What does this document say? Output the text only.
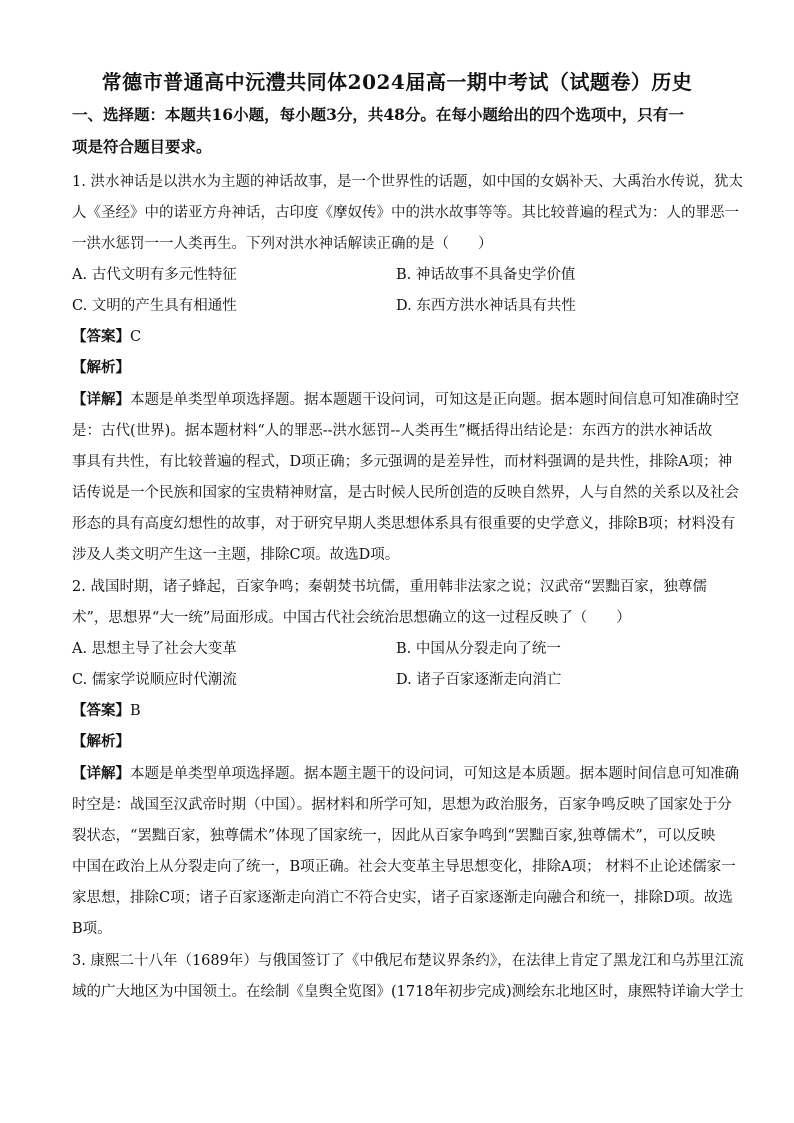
常德市普通高中沅澧共同体2024届高一期中考试（试题卷）历史
一、选择题：本题共16小题，每小题3分，共48分。在每小题给出的四个选项中，只有一
项是符合题目要求。
1. 洪水神话是以洪水为主题的神话故事，是一个世界性的话题，如中国的女娲补天、大禹治水传说，犹太
人《圣经》中的诺亚方舟神话，古印度《摩奴传》中的洪水故事等等。其比较普遍的程式为：人的罪恶一
一洪水惩罚一一人类再生。下列对洪水神话解读正确的是（　　）
A. 古代文明有多元性特征	B. 神话故事不具备史学价值
C. 文明的产生具有相通性	D. 东西方洪水神话具有共性
【答案】C
【解析】
【详解】本题是单类型单项选择题。据本题题干设问词，可知这是正向题。据本题时间信息可知准确时空
是：古代(世界)。据本题材料“人的罪恶--洪水惩罚--人类再生”概括得出结论是：东西方的洪水神话故
事具有共性，有比较普遍的程式，D项正确；多元强调的是差异性，而材料强调的是共性，排除A项；神
话传说是一个民族和国家的宝贵精神财富，是古时候人民所创造的反映自然界，人与自然的关系以及社会
形态的具有高度幻想性的故事，对于研究早期人类思想体系具有很重要的史学意义，排除B项；材料没有
涉及人类文明产生这一主题，排除C项。故选D项。
2. 战国时期，诸子蜂起，百家争鸣；秦朝焚书坑儒，重用韩非法家之说；汉武帝“罢黜百家，独尊儒
术”，思想界“大一统”局面形成。中国古代社会统治思想确立的这一过程反映了（　　）
A. 思想主导了社会大变革	B. 中国从分裂走向了统一
C. 儒家学说顺应时代潮流	D. 诸子百家逐渐走向消亡
【答案】B
【解析】
【详解】本题是单类型单项选择题。据本题主题干的设问词，可知这是本质题。据本题时间信息可知准确
时空是：战国至汉武帝时期（中国）。据材料和所学可知，思想为政治服务，百家争鸣反映了国家处于分
裂状态，“罢黜百家，独尊儒术”体现了国家统一，因此从百家争鸣到“罢黜百家,独尊儒术”，可以反映
中国在政治上从分裂走向了统一，B项正确。社会大变革主导思想变化，排除A项； 材料不止论述儒家一
家思想，排除C项；诸子百家逐渐走向消亡不符合史实，诸子百家逐渐走向融合和统一，排除D项。故选
B项。
3. 康熙二十八年（1689年）与俄国签订了《中俄尼布楚议界条约》，在法律上肯定了黑龙江和乌苏里江流
域的广大地区为中国领土。在绘制《皇舆全览图》(1718年初步完成)测绘东北地区时，康熙特详谕大学士
